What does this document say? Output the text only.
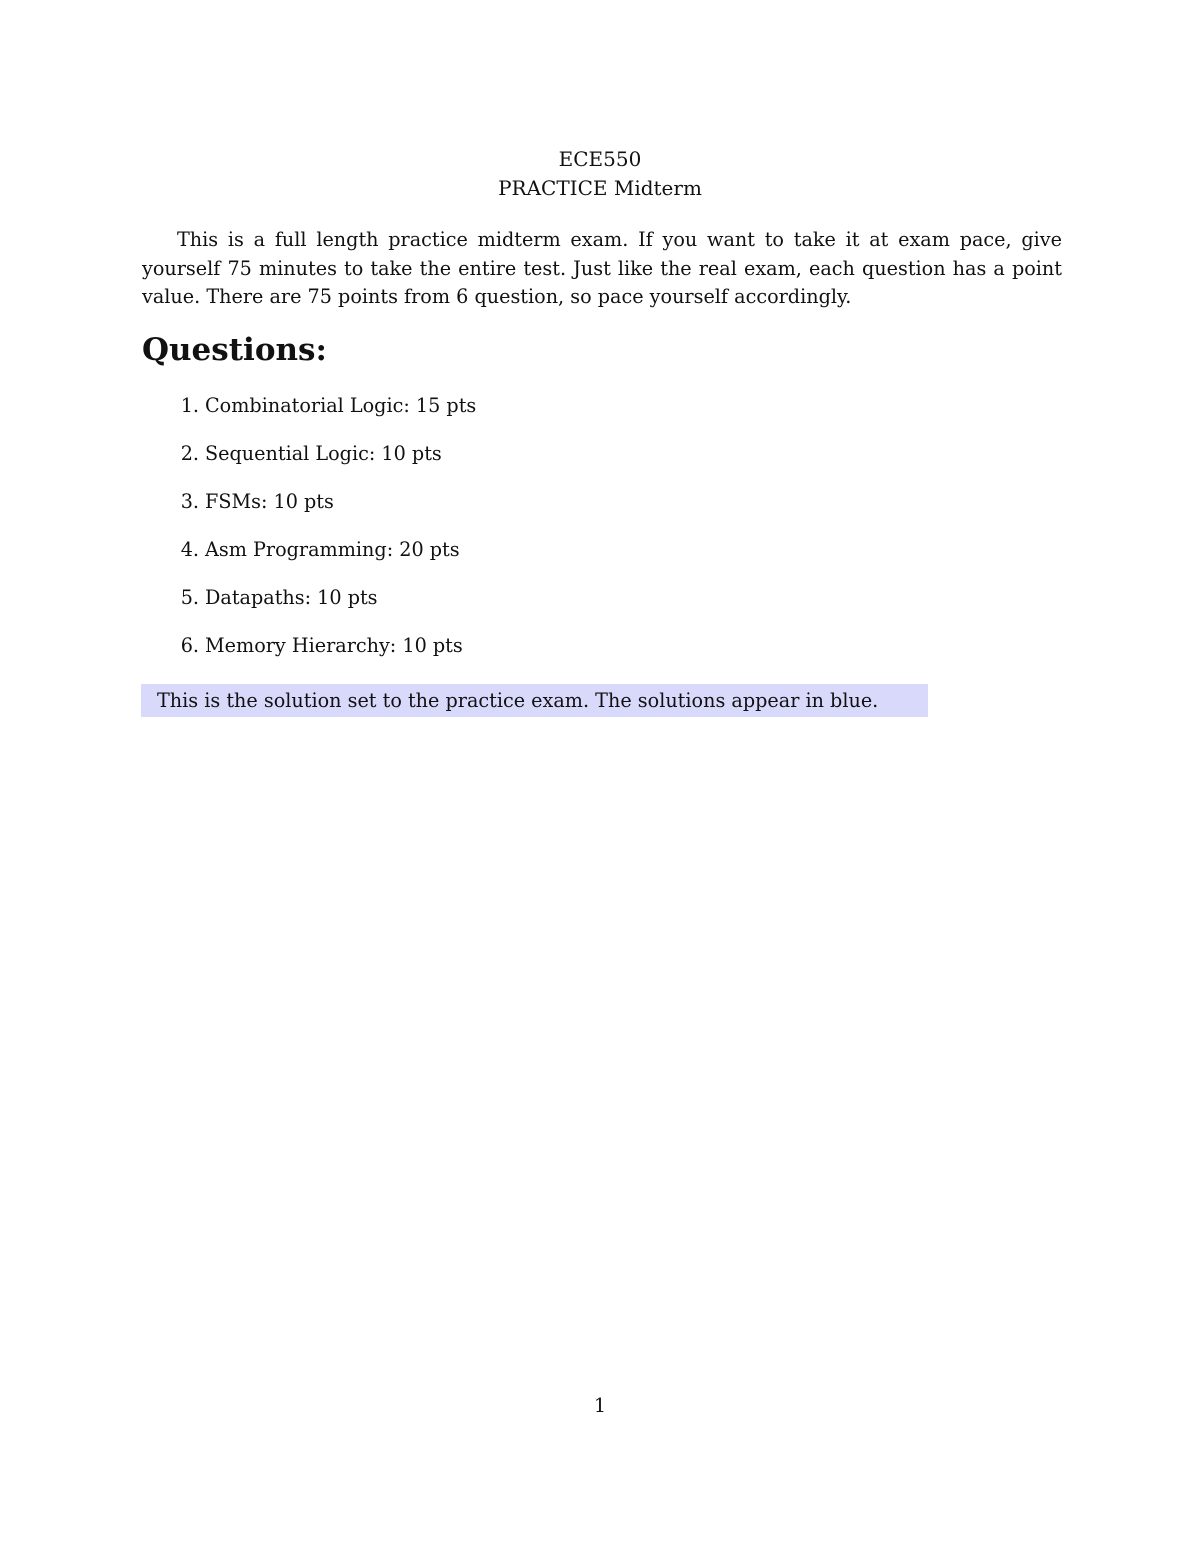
ECE550
PRACTICE Midterm

This is a full length practice midterm exam. If you want to take it at exam pace, give yourself 75 minutes to take the entire test. Just like the real exam, each question has a point value. There are 75 points from 6 question, so pace yourself accordingly.

Questions:
1. Combinatorial Logic: 15 pts
2. Sequential Logic: 10 pts
3. FSMs: 10 pts
4. Asm Programming: 20 pts
5. Datapaths: 10 pts
6. Memory Hierarchy: 10 pts
This is the solution set to the practice exam. The solutions appear in blue.
1
